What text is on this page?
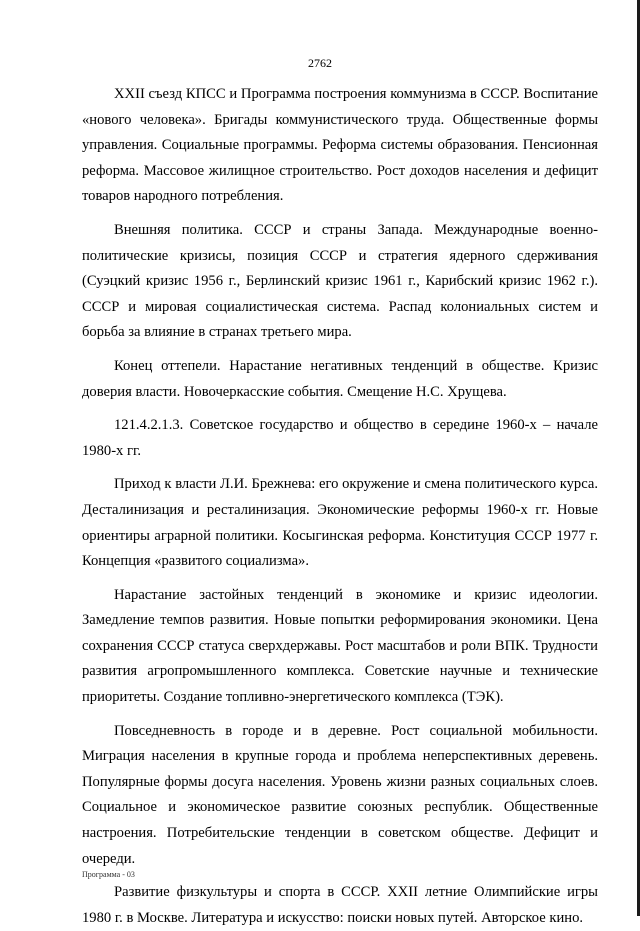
2762

XXII съезд КПСС и Программа построения коммунизма в СССР. Воспитание «нового человека». Бригады коммунистического труда. Общественные формы управления. Социальные программы. Реформа системы образования. Пенсионная реформа. Массовое жилищное строительство. Рост доходов населения и дефицит товаров народного потребления.

Внешняя политика. СССР и страны Запада. Международные военно-политические кризисы, позиция СССР и стратегия ядерного сдерживания (Суэцкий кризис 1956 г., Берлинский кризис 1961 г., Карибский кризис 1962 г.). СССР и мировая социалистическая система. Распад колониальных систем и борьба за влияние в странах третьего мира.

Конец оттепели. Нарастание негативных тенденций в обществе. Кризис доверия власти. Новочеркасские события. Смещение Н.С. Хрущева.

121.4.2.1.3. Советское государство и общество в середине 1960-х – начале 1980-х гг.

Приход к власти Л.И. Брежнева: его окружение и смена политического курса. Десталинизация и ресталинизация. Экономические реформы 1960-х гг. Новые ориентиры аграрной политики. Косыгинская реформа. Конституция СССР 1977 г. Концепция «развитого социализма».

Нарастание застойных тенденций в экономике и кризис идеологии. Замедление темпов развития. Новые попытки реформирования экономики. Цена сохранения СССР статуса сверхдержавы. Рост масштабов и роли ВПК. Трудности развития агропромышленного комплекса. Советские научные и технические приоритеты. Создание топливно-энергетического комплекса (ТЭК).

Повседневность в городе и в деревне. Рост социальной мобильности. Миграция населения в крупные города и проблема неперспективных деревень. Популярные формы досуга населения. Уровень жизни разных социальных слоев. Социальное и экономическое развитие союзных республик. Общественные настроения. Потребительские тенденции в советском обществе. Дефицит и очереди.

Развитие физкультуры и спорта в СССР. XXII летние Олимпийские игры 1980 г. в Москве. Литература и искусство: поиски новых путей. Авторское кино.

Программа - 03
